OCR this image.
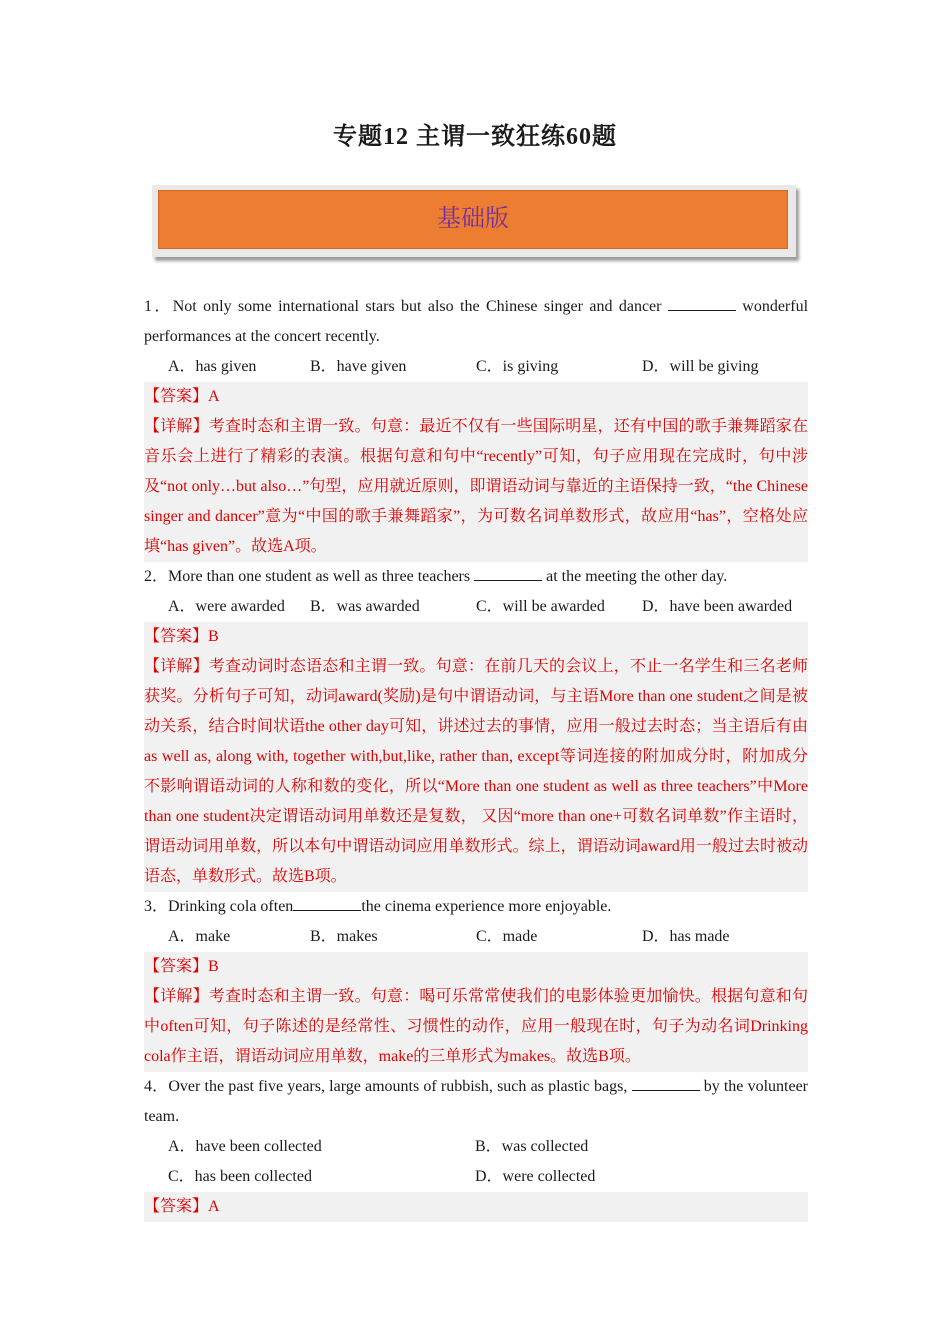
专题12 主谓一致狂练60题
基础版

1．Not only some international stars but also the Chinese singer and dancer	wonderful performances at the concert recently.

A．has given	B．have given	C．is giving	D．will be giving

【答案】A

【详解】考查时态和主谓一致。句意：最近不仅有一些国际明星，还有中国的歌手兼舞蹈家在音乐会上进行了精彩的表演。根据句意和句中“recently”可知，句子应用现在完成时，句中涉及“not only…but also…”句型，应用就近原则，即谓语动词与靠近的主语保持一致，“the Chinese singer and dancer”意为“中国的歌手兼舞蹈家”，为可数名词单数形式，故应用“has”，空格处应填“has given”。故选A项。

2．More than one student as well as three teachers	at the meeting the other day.

A．were awarded	B．was awarded	C．will be awarded	D．have been awarded

【答案】B

【详解】考查动词时态语态和主谓一致。句意：在前几天的会议上，不止一名学生和三名老师获奖。分析句子可知，动词award(奖励)是句中谓语动词，与主语More than one student之间是被动关系，结合时间状语the other day可知，讲述过去的事情，应用一般过去时态；当主语后有由 as well as, along with, together with,but,like, rather than, except等词连接的附加成分时，附加成分不影响谓语动词的人称和数的变化，所以“More than one student as well as three teachers”中More than one student决定谓语动词用单数还是复数， 又因“more than one+可数名词单数”作主语时，谓语动词用单数，所以本句中谓语动词应用单数形式。综上，谓语动词award用一般过去时被动语态，单数形式。故选B项。

3．Drinking cola often	the cinema experience more enjoyable.

A．make	B．makes	C．made	D．has made

【答案】B

【详解】考查时态和主谓一致。句意：喝可乐常常使我们的电影体验更加愉快。根据句意和句中often可知，句子陈述的是经常性、习惯性的动作，应用一般现在时，句子为动名词Drinking cola作主语，谓语动词应用单数，make的三单形式为makes。故选B项。

4．Over the past five years, large amounts of rubbish, such as plastic bags,	by the volunteer team.

A．have been collected	B．was collected
C．has been collected	D．were collected

【答案】A
